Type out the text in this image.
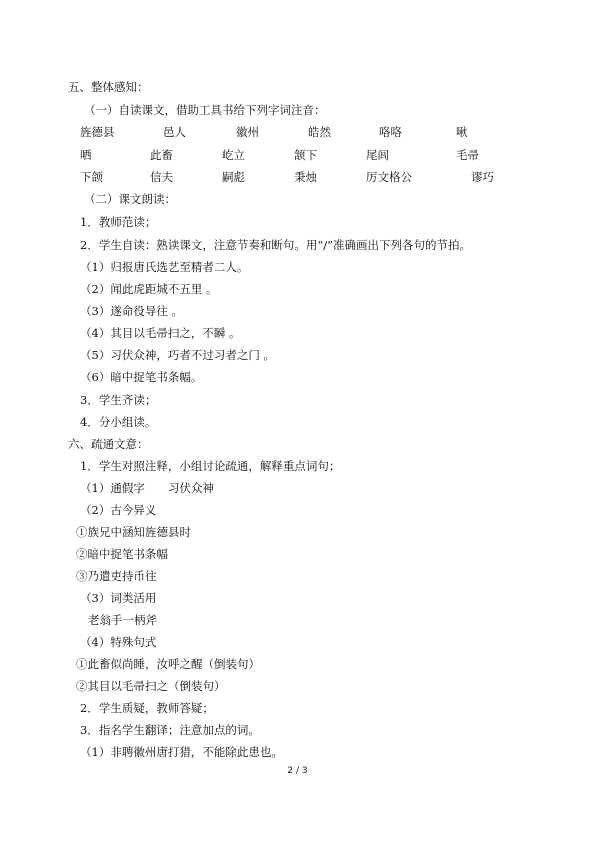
五、整体感知：
（一）自读课文，借助工具书给下列字词注音：
旌德县	邑人	徽州	皓然	咯咯	啾
哂	此畜	屹立	颔下	尾闾	毛帚
下颌	信夫	嗣彪	秉烛	厉文格公	谬巧
（二）课文朗读：
1．教师范读；
2．学生自读：熟读课文，注意节奏和断句。用“/”准确画出下列各句的节拍。
（1）归报唐氏选艺至精者二人。
（2）闻此虎距城不五里 。
（3）遂命役导往 。
（4）其目以毛帚扫之，不瞬 。
（5）习伏众神，巧者不过习者之门 。
（6）暗中捉笔书条幅。
3．学生齐读；
4．分小组读。
六、疏通文意：
1．学生对照注释，小组讨论疏通，解释重点词句；
（1）通假字 习伏众神
（2）古今异义
①族兄中涵知旌德县时
②暗中捉笔书条幅
③乃遣吏持币往
（3）词类活用
老翁手一柄斧
（4）特殊句式
①此畜似尚睡，汝呼之醒（倒装句）
②其目以毛帚扫之（倒装句）
2．学生质疑，教师答疑；
3．指名学生翻译；注意加点的词。
（1）非聘徽州唐打猎，不能除此患也。
2 / 3
